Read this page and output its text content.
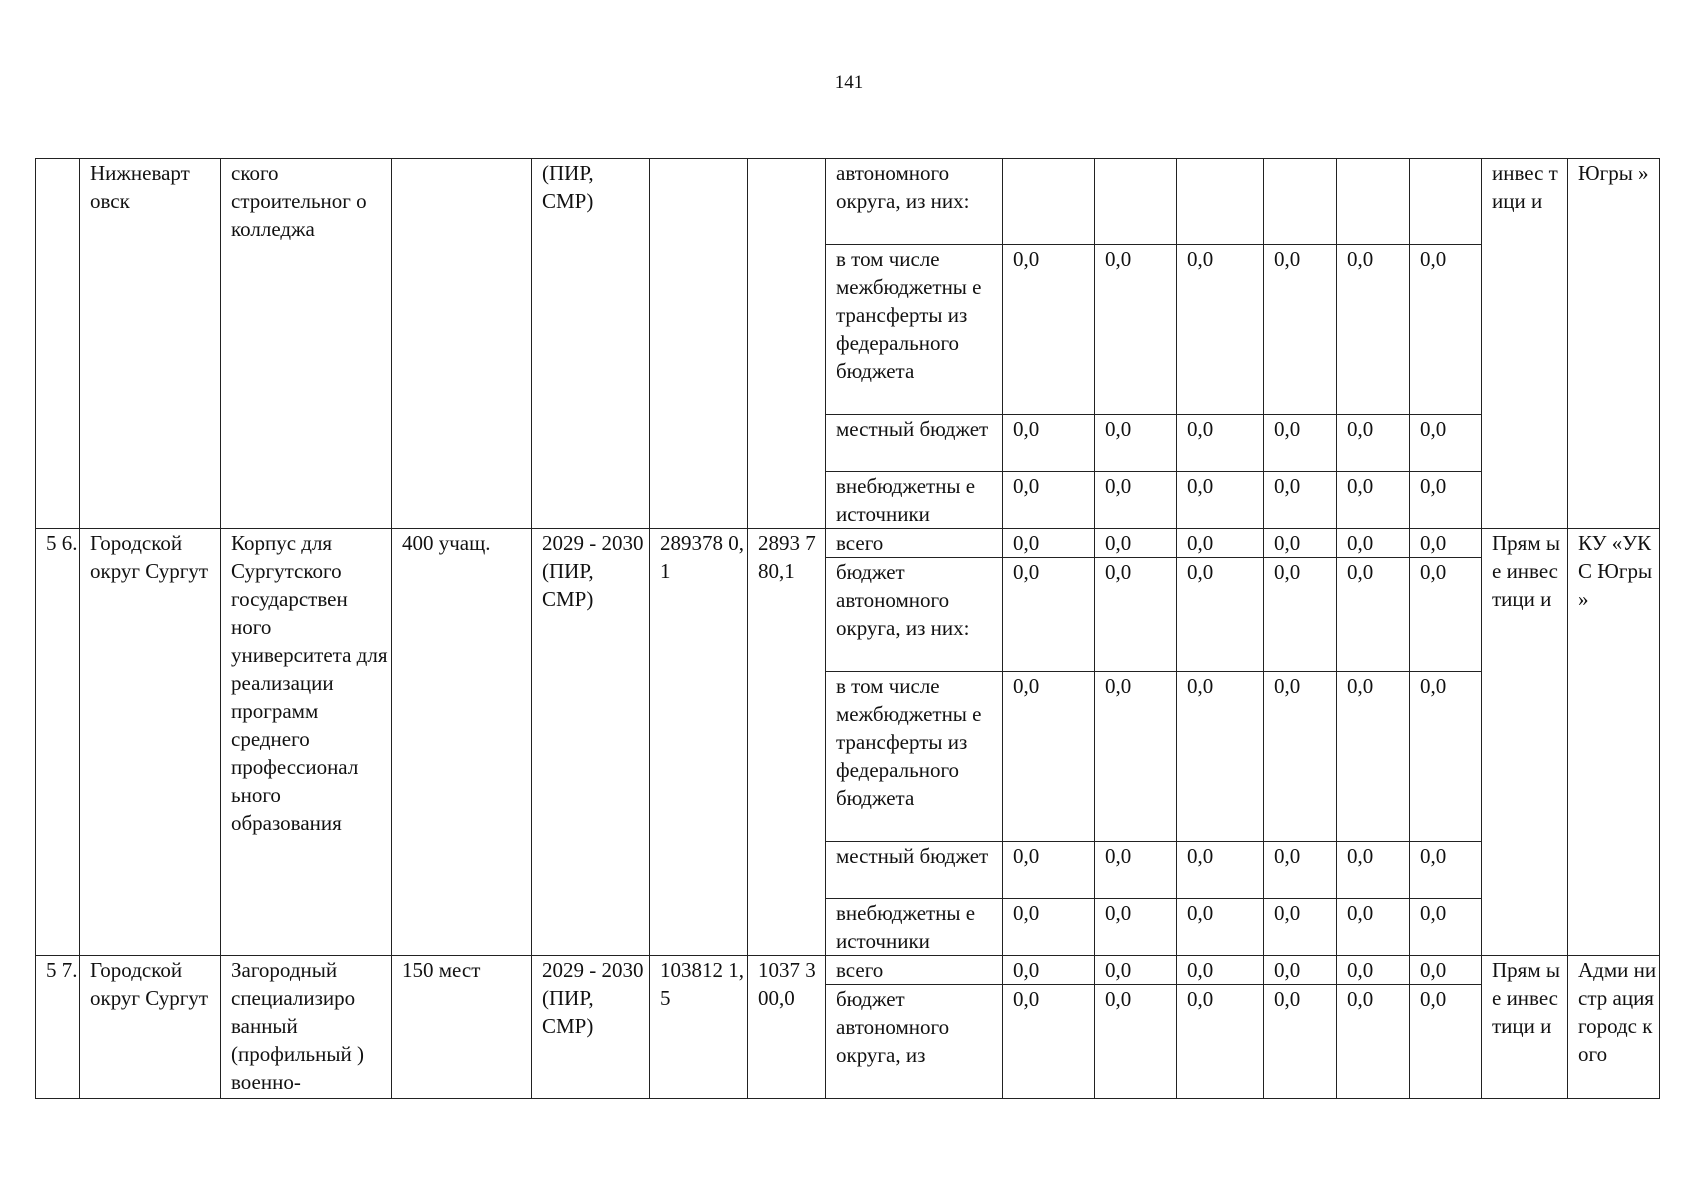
141
	Нижневарт овск	ского строительног о колледжа		(ПИР, СМР)			автономного округа, из них:							инвес тици и	Югры »
							в том числе межбюджетны е трансферты из федерального бюджета	0,0	0,0	0,0	0,0	0,0	0,0		
							местный бюджет	0,0	0,0	0,0	0,0	0,0	0,0		
							внебюджетны е источники	0,0	0,0	0,0	0,0	0,0	0,0		
5 6.	Городской округ Сургут	Корпус для Сургутского государствен ного университета для реализации программ среднего профессионал ьного образования	400 учащ.	2029 - 2030 (ПИР, СМР)	289378 0,1	2893 780,1	всего	0,0	0,0	0,0	0,0	0,0	0,0	Прям ые инвес тици и	КУ «УКС Югры »
							бюджет автономного округа, из них:	0,0	0,0	0,0	0,0	0,0	0,0		
							в том числе межбюджетны е трансферты из федерального бюджета	0,0	0,0	0,0	0,0	0,0	0,0		
							местный бюджет	0,0	0,0	0,0	0,0	0,0	0,0		
							внебюджетны е источники	0,0	0,0	0,0	0,0	0,0	0,0		
5 7.	Городской округ Сургут	Загородный специализиро ванный (профильный ) военно-	150 мест	2029 - 2030 (ПИР, СМР)	103812 1,5	1037 300,0	всего	0,0	0,0	0,0	0,0	0,0	0,0	Прям ые инвес тици и	Адми нистр ация городс кого
							бюджет автономного округа, из	0,0	0,0	0,0	0,0	0,0	0,0		
